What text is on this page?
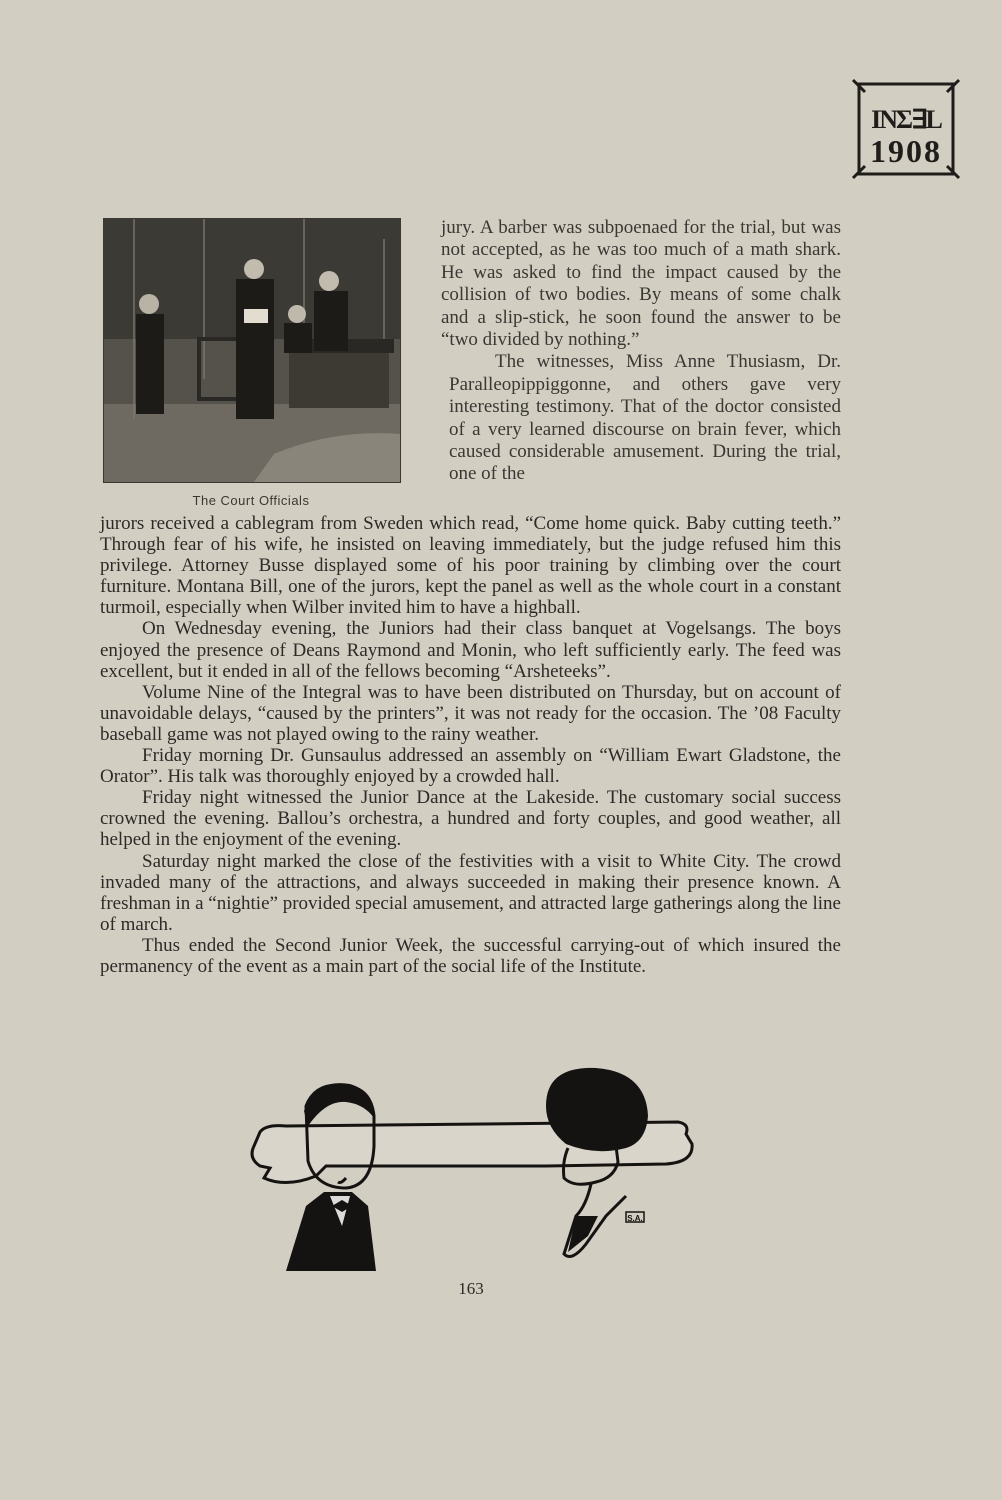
INΣ∃L
1908
The Court Officials

jury. A barber was subpoenaed for the trial, but was not accepted, as he was too much of a math shark. He was asked to find the impact caused by the collision of two bodies. By means of some chalk and a slip-stick, he soon found the answer to be “two divided by nothing.”

The witnesses, Miss Anne Thusiasm, Dr. Paralleopippiggonne, and others gave very interesting testimony. That of the doctor consisted of a very learned discourse on brain fever, which caused considerable amusement. During the trial, one of the

jurors received a cablegram from Sweden which read, “Come home quick. Baby cutting teeth.” Through fear of his wife, he insisted on leaving immediately, but the judge refused him this privilege. Attorney Busse displayed some of his poor training by climbing over the court furniture. Montana Bill, one of the jurors, kept the panel as well as the whole court in a constant turmoil, especially when Wilber invited him to have a highball.

On Wednesday evening, the Juniors had their class banquet at Vogelsangs. The boys enjoyed the presence of Deans Raymond and Monin, who left sufficiently early. The feed was excellent, but it ended in all of the fellows becoming “Arsheteeks”.

Volume Nine of the Integral was to have been distributed on Thursday, but on account of unavoidable delays, “caused by the printers”, it was not ready for the occasion. The ’08 Faculty baseball game was not played owing to the rainy weather.

Friday morning Dr. Gunsaulus addressed an assembly on “William Ewart Gladstone, the Orator”. His talk was thoroughly enjoyed by a crowded hall.

Friday night witnessed the Junior Dance at the Lakeside. The customary social success crowned the evening. Ballou’s orchestra, a hundred and forty couples, and good weather, all helped in the enjoyment of the evening.

Saturday night marked the close of the festivities with a visit to White City. The crowd invaded many of the attractions, and always succeeded in making their presence known. A freshman in a “nightie” provided special amusement, and attracted large gatherings along the line of march.

Thus ended the Second Junior Week, the successful carrying-out of which insured the permanency of the event as a main part of the social life of the Institute.

S.A.
163
